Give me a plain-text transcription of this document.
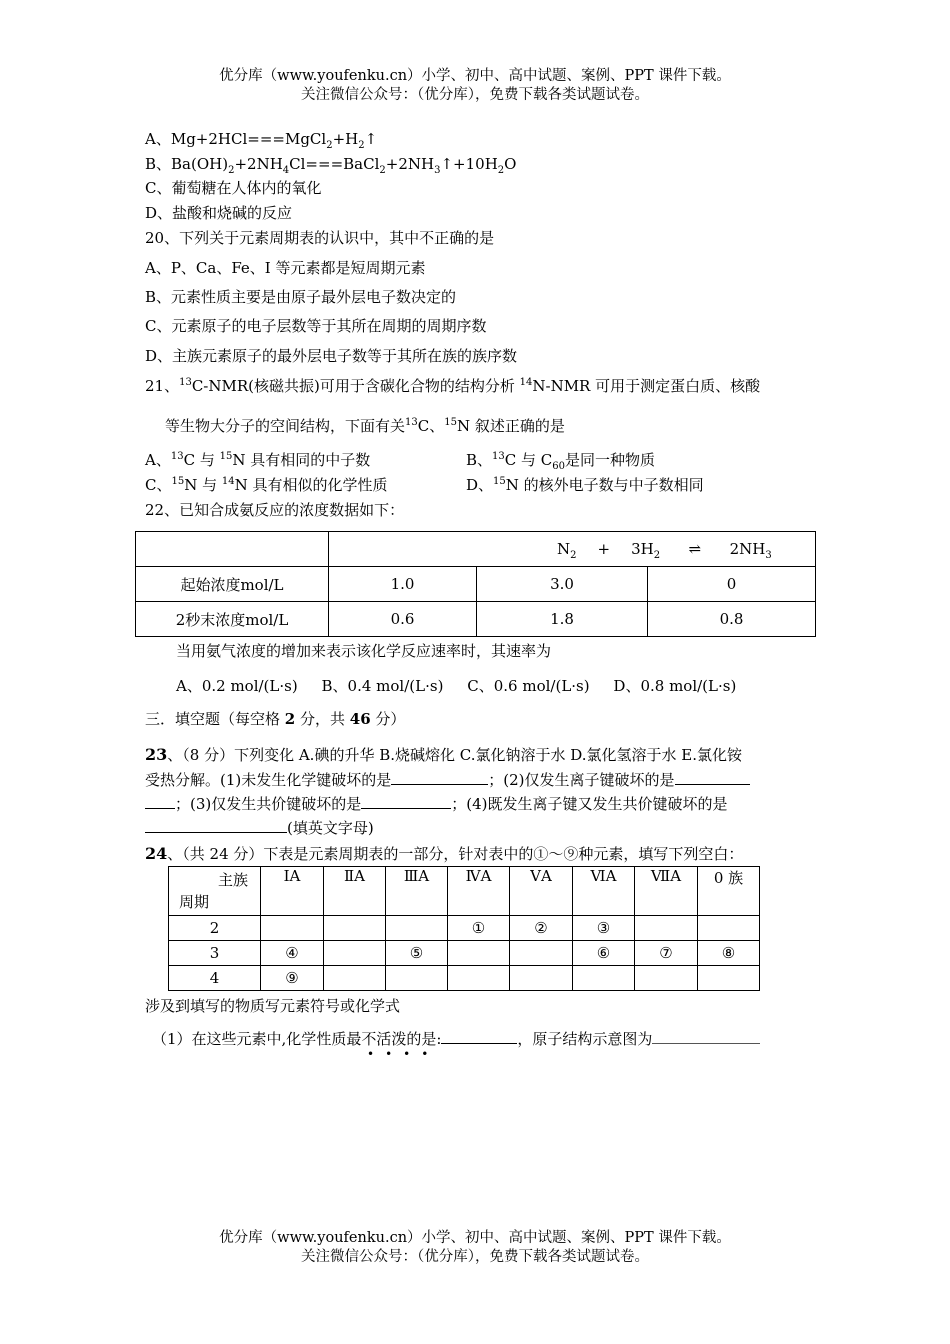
优分库（www.youfenku.cn）小学、初中、高中试题、案例、PPT 课件下载。
关注微信公众号：（优分库），免费下载各类试题试卷。
A、$Mg+2HCl===MgCl_2+H_2↑$
B、$Ba(OH)_2+2NH_4Cl===BaCl_2+2NH_3↑+10H_2O$
C、葡萄糖在人体内的氧化
D、盐酸和烧碱的反应
20、下列关于元素周期表的认识中，其中不正确的是
A、P、Ca、Fe、I 等元素都是短周期元素
B、元素性质主要是由原子最外层电子数决定的
C、元素原子的电子层数等于其所在周期的周期序数
D、主族元素原子的最外层电子数等于其所在族的族序数
21、$^{13}$C-NMR(核磁共振)可用于含碳化合物的结构分析 $^{14}$N-NMR 可用于测定蛋白质、核酸
等生物大分子的空间结构，下面有关$^{13}$C、$^{15}$N 叙述正确的是
A、$^{13}$C 与 $^{15}$N 具有相同的中子数	B、$^{13}$C 与 $C_{60}$是同一种物质
C、$^{15}$N 与 $^{14}$N 具有相似的化学性质	D、$^{15}$N 的核外电子数与中子数相同
22、已知合成氨反应的浓度数据如下：
	$N_2 + 3H_2$ ⇌ $2NH_3$
起始浓度mol/L	1.0	3.0	0
2秒末浓度mol/L	0.6	1.8	0.8
当用氨气浓度的增加来表示该化学反应速率时，其速率为
A、0.2 mol/(L·s)     B、0.4 mol/(L·s)     C、0.6 mol/(L·s)     D、0.8 mol/(L·s)
三．填空题（每空格 2 分，共 46 分）
23、（8 分）下列变化 A.碘的升华 B.烧碱熔化 C.氯化钠溶于水 D.氯化氢溶于水 E.氯化铵
受热分解。(1)未发生化学键破坏的是	；(2)仅发生离子键破坏的是
；(3)仅发生共价键破坏的是	；(4)既发生离子键又发生共价键破坏的是
(填英文字母)
24、（共 24 分）下表是元素周期表的一部分，针对表中的①～⑨种元素，填写下列空白：
主族
周期	ⅠA	ⅡA	ⅢA	ⅣA	ⅤA	ⅥA	ⅦA	0 族
2				①	②	③		
3	④		⑤			⑥	⑦	⑧
4	⑨							
涉及到填写的物质写元素符号或化学式
（1）在这些元素中,化学性质最不活泼的是:	，原子结构示意图为
••••
优分库（www.youfenku.cn）小学、初中、高中试题、案例、PPT 课件下载。
关注微信公众号：（优分库），免费下载各类试题试卷。
